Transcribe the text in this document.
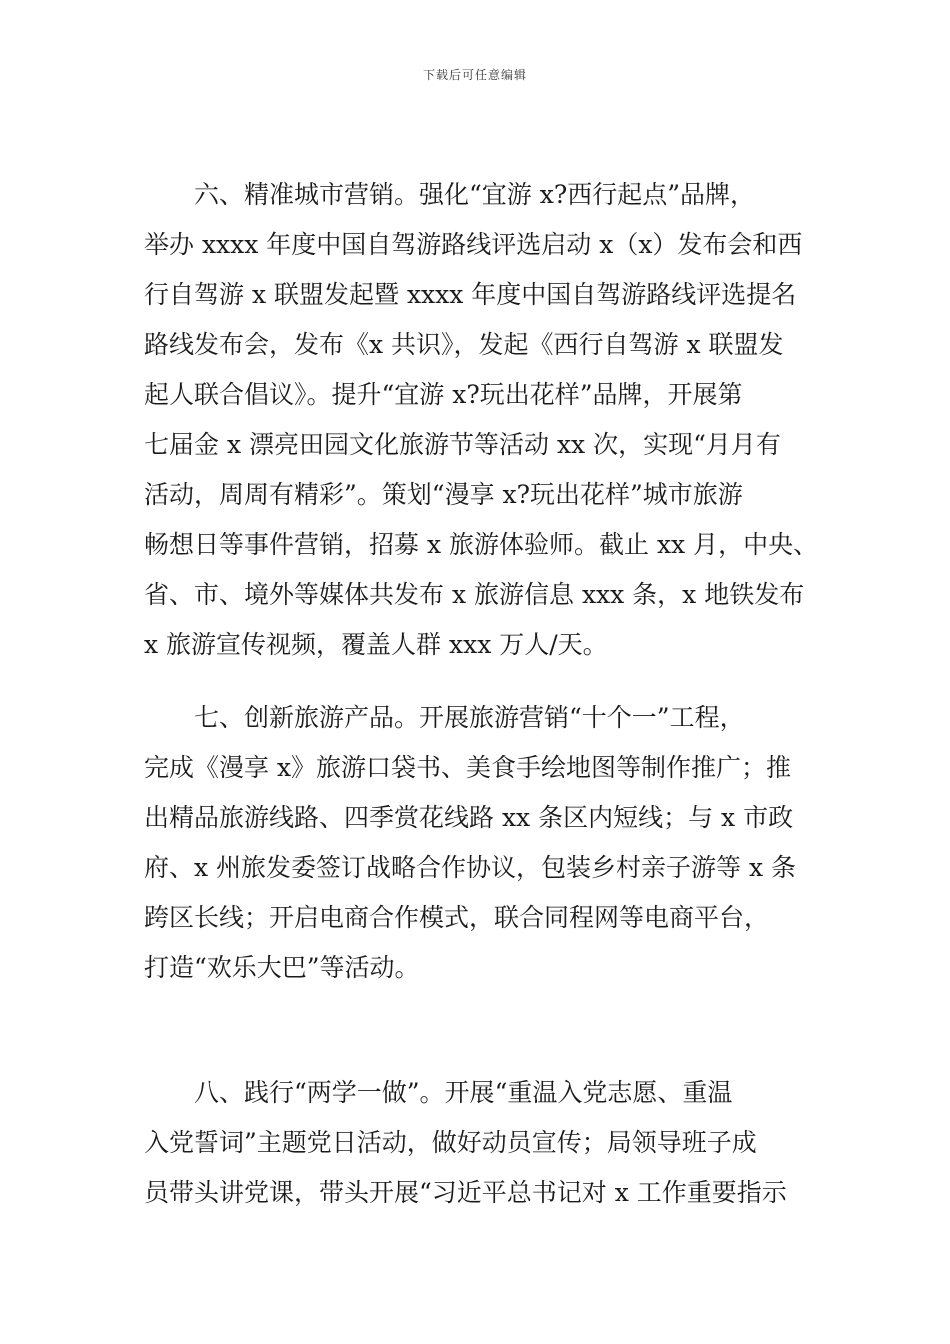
下载后可任意编辑

六、精准城市营销。强化“宜游 x?西行起点”品牌，
举办 xxxx 年度中国自驾游路线评选启动 x（x）发布会和西
行自驾游 x 联盟发起暨 xxxx 年度中国自驾游路线评选提名
路线发布会，发布《x 共识》，发起《西行自驾游 x 联盟发
起人联合倡议》。提升“宜游 x?玩出花样”品牌，开展第
七届金 x 漂亮田园文化旅游节等活动 xx 次，实现“月月有
活动，周周有精彩”。策划“漫享 x?玩出花样”城市旅游
畅想日等事件营销，招募 x 旅游体验师。截止 xx 月，中央、
省、市、境外等媒体共发布 x 旅游信息 xxx 条，x 地铁发布
x 旅游宣传视频，覆盖人群 xxx 万人/天。

七、创新旅游产品。开展旅游营销“十个一”工程，
完成《漫享 x》旅游口袋书、美食手绘地图等制作推广；推
出精品旅游线路、四季赏花线路 xx 条区内短线；与 x 市政
府、x 州旅发委签订战略合作协议，包装乡村亲子游等 x 条
跨区长线；开启电商合作模式，联合同程网等电商平台，
打造“欢乐大巴”等活动。

八、践行“两学一做”。开展“重温入党志愿、重温
入党誓词”主题党日活动，做好动员宣传；局领导班子成
员带头讲党课，带头开展“习近平总书记对 x 工作重要指示
